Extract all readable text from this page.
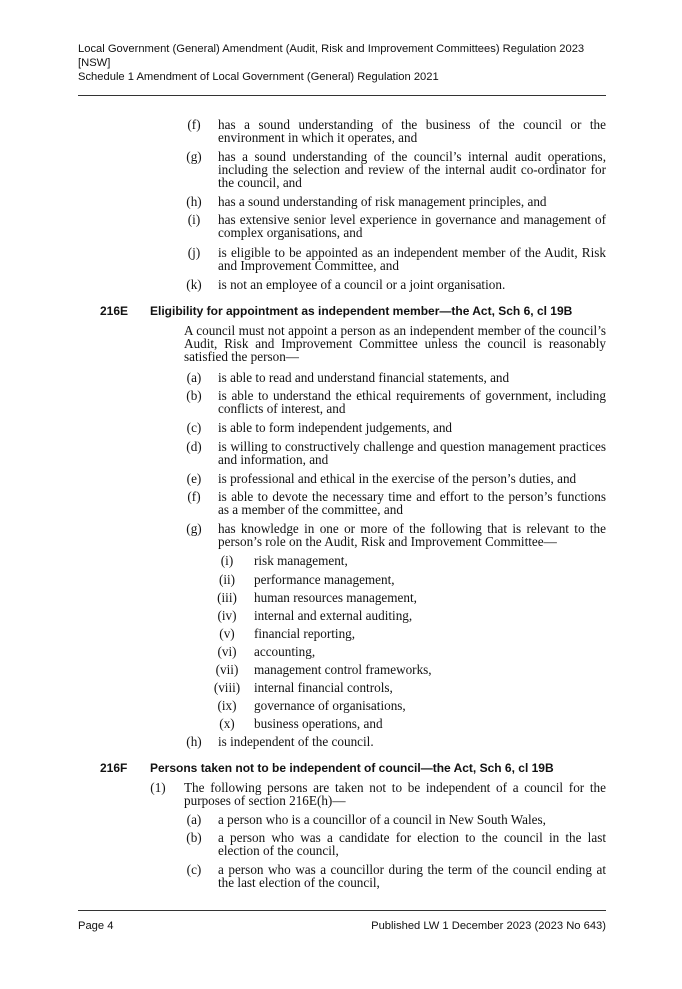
Local Government (General) Amendment (Audit, Risk and Improvement Committees) Regulation 2023
[NSW]
Schedule 1 Amendment of Local Government (General) Regulation 2021
(f)	has a sound understanding of the business of the council or the environment in which it operates, and
(g)	has a sound understanding of the council’s internal audit operations, including the selection and review of the internal audit co-ordinator for the council, and
(h)	has a sound understanding of risk management principles, and
(i)	has extensive senior level experience in governance and management of complex organisations, and
(j)	is eligible to be appointed as an independent member of the Audit, Risk and Improvement Committee, and
(k)	is not an employee of a council or a joint organisation.
216E Eligibility for appointment as independent member—the Act, Sch 6, cl 19B
A council must not appoint a person as an independent member of the council’s Audit, Risk and Improvement Committee unless the council is reasonably satisfied the person—
(a)	is able to read and understand financial statements, and
(b)	is able to understand the ethical requirements of government, including conflicts of interest, and
(c)	is able to form independent judgements, and
(d)	is willing to constructively challenge and question management practices and information, and
(e)	is professional and ethical in the exercise of the person’s duties, and
(f)	is able to devote the necessary time and effort to the person’s functions as a member of the committee, and
(g)	has knowledge in one or more of the following that is relevant to the person’s role on the Audit, Risk and Improvement Committee—
(i)	risk management,
(ii)	performance management,
(iii)	human resources management,
(iv)	internal and external auditing,
(v)	financial reporting,
(vi)	accounting,
(vii)	management control frameworks,
(viii) internal financial controls,
(ix)	governance of organisations,
(x)	business operations, and
(h)	is independent of the council.
216F Persons taken not to be independent of council—the Act, Sch 6, cl 19B
(1)	The following persons are taken not to be independent of a council for the purposes of section 216E(h)—
(a)	a person who is a councillor of a council in New South Wales,
(b)	a person who was a candidate for election to the council in the last election of the council,
(c)	a person who was a councillor during the term of the council ending at the last election of the council,
Page 4	Published LW 1 December 2023 (2023 No 643)
